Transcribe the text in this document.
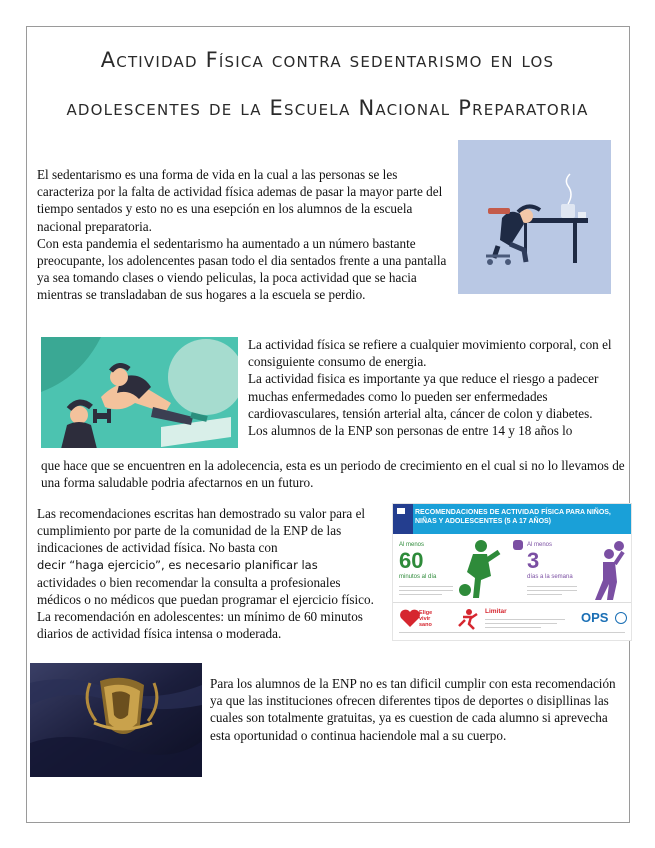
Actividad Física contra sedentarismo en los
adolescentes de la Escuela Nacional Preparatoria

El sedentarismo es una forma de vida en la cual a las personas se les caracteriza por la falta de actividad física ademas de pasar la mayor parte del tiempo sentados y esto no es una esepción en los alumnos de la escuela nacional preparatoria.

Con esta pandemia el sedentarismo ha aumentado a un número bastante preocupante, los adolencentes pasan todo el dia sentados frente a una pantalla ya sea tomando clases o viendo peliculas, la poca actividad que se hacia mientras se transladaban de sus hogares a la escuela se perdio.

La actividad física se refiere a cualquier movimiento corporal, con el consiguiente consumo de energia.

La actividad fisica es importante ya que reduce el riesgo a padecer muchas enfermedades como lo pueden ser enfermedades cardiovasculares, tensión arterial alta, cáncer de colon y diabetes.

Los alumnos de la ENP son personas de entre 14 y 18 años lo

que hace que se encuentren en la adolecencia, esta es un periodo de crecimiento en el cual si no lo llevamos de una forma saludable podria afectarnos en un futuro.

Las recomendaciones escritas han demostrado su valor para el cumplimiento por parte de la comunidad de la ENP de las indicaciones de actividad física. No basta con

decir “haga ejercicio”, es necesario planificar las

actividades o bien recomendar la consulta a profesionales médicos o no médicos que puedan programar el ejercicio físico. La recomendación en adolescentes: un mínimo de 60 minutos diarios de actividad física intensa o moderada.

RECOMENDACIONES DE ACTIVIDAD FÍSICA PARA NIÑOS, NIÑAS Y ADOLESCENTES (5 A 17 AÑOS)
Al menos
60
minutos al día
Al menos
3
días a la semana
Elige vivir sano
Limitar	OPS

Para los alumnos de la ENP no es tan dificil cumplir con esta recomendación ya que las instituciones ofrecen diferentes tipos de deportes o disipllinas las cuales son totalmente gratuitas, ya es cuestion de cada alumno si aprevecha esta oportunidad o continua haciendole mal a su cuerpo.
